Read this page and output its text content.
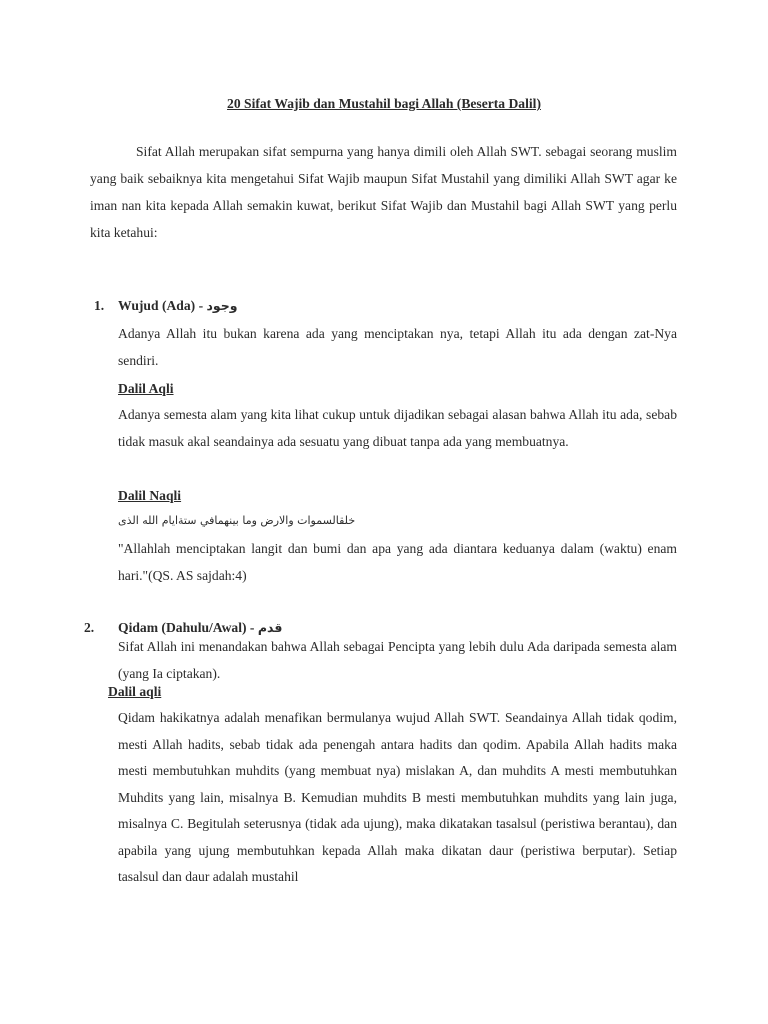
20 Sifat Wajib dan Mustahil bagi Allah (Beserta Dalil)

Sifat Allah merupakan sifat sempurna yang hanya dimili oleh Allah SWT. sebagai seorang muslim yang baik sebaiknya kita mengetahui Sifat Wajib maupun Sifat Mustahil yang dimiliki Allah SWT agar ke iman nan kita kepada Allah semakin kuwat, berikut Sifat Wajib dan Mustahil bagi Allah SWT yang perlu kita ketahui:

1. Wujud (Ada) - وجود

Adanya Allah itu bukan karena ada yang menciptakan nya, tetapi Allah itu ada dengan zat-Nya sendiri.

Dalil Aqli

Adanya semesta alam yang kita lihat cukup untuk dijadikan sebagai alasan bahwa Allah itu ada, sebab tidak masuk akal seandainya ada sesuatu yang dibuat tanpa ada yang membuatnya.

Dalil Naqli

خلقالسموات والارض وما بينهمافي ستةايام الله الذى

"Allahlah menciptakan langit dan bumi dan apa yang ada diantara keduanya dalam (waktu) enam hari."(QS. AS sajdah:4)

2. Qidam (Dahulu/Awal) - قدم

Sifat Allah ini menandakan bahwa Allah sebagai Pencipta yang lebih dulu Ada daripada semesta alam (yang Ia ciptakan).

Dalil aqli

Qidam hakikatnya adalah menafikan bermulanya wujud Allah SWT. Seandainya Allah tidak qodim, mesti Allah hadits, sebab tidak ada penengah antara hadits dan qodim. Apabila Allah hadits maka mesti membutuhkan muhdits (yang membuat nya) mislakan A, dan muhdits A mesti membutuhkan Muhdits yang lain, misalnya B. Kemudian muhdits B mesti membutuhkan muhdits yang lain juga, misalnya C. Begitulah seterusnya (tidak ada ujung), maka dikatakan tasalsul (peristiwa berantau), dan apabila yang ujung membutuhkan kepada Allah maka dikatan daur (peristiwa berputar). Setiap tasalsul dan daur adalah mustahil
